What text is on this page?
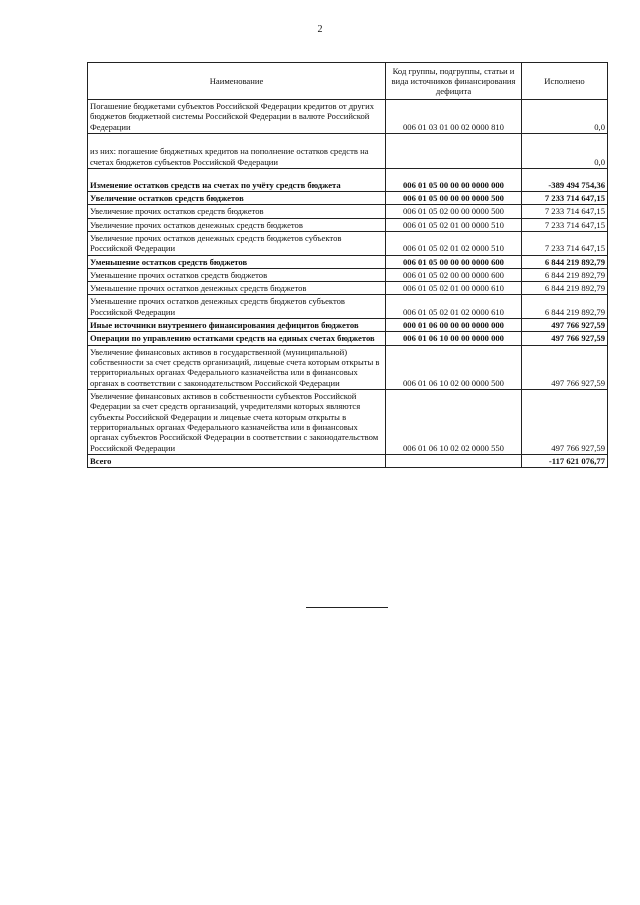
2
Наименование	Код группы, подгруппы, статьи и вида источников финансирования дефицита	Исполнено
Погашение бюджетами субъектов Российской Федерации кредитов от других бюджетов бюджетной системы Российской Федерации в валюте Российской Федерации	006 01 03 01 00 02 0000 810	0,0
из них: погашение бюджетных кредитов на пополнение остатков средств на счетах бюджетов субъектов Российской Федерации		0,0
Изменение остатков средств на счетах по учёту средств бюджета	006 01 05 00 00 00 0000 000	-389 494 754,36
Увеличение остатков средств бюджетов	006 01 05 00 00 00 0000 500	7 233 714 647,15
Увеличение прочих остатков средств бюджетов	006 01 05 02 00 00 0000 500	7 233 714 647,15
Увеличение прочих остатков денежных средств бюджетов	006 01 05 02 01 00 0000 510	7 233 714 647,15
Увеличение прочих остатков денежных средств бюджетов субъектов Российской Федерации	006 01 05 02 01 02 0000 510	7 233 714 647,15
Уменьшение остатков средств бюджетов	006 01 05 00 00 00 0000 600	6 844 219 892,79
Уменьшение прочих остатков средств бюджетов	006 01 05 02 00 00 0000 600	6 844 219 892,79
Уменьшение прочих остатков денежных средств бюджетов	006 01 05 02 01 00 0000 610	6 844 219 892,79
Уменьшение прочих остатков денежных средств бюджетов субъектов Российской Федерации	006 01 05 02 01 02 0000 610	6 844 219 892,79
Иные источники внутреннего финансирования дефицитов бюджетов	000 01 06 00 00 00 0000 000	497 766 927,59
Операции по управлению остатками средств на единых счетах бюджетов	006 01 06 10 00 00 0000 000	497 766 927,59
Увеличение финансовых активов в государственной (муниципальной) собственности за счет средств организаций, лицевые счета которым открыты в территориальных органах Федерального казначейства или в финансовых органах в соответствии с законодательством Российской Федерации	006 01 06 10 02 00 0000 500	497 766 927,59
Увеличение финансовых активов в собственности субъектов Российской Федерации за счет средств организаций, учредителями которых являются субъекты Российской Федерации и лицевые счета которым открыты в территориальных органах Федерального казначейства или в финансовых органах субъектов Российской Федерации в соответствии с законодательством Российской Федерации	006 01 06 10 02 02 0000 550	497 766 927,59
Всего		-117 621 076,77
